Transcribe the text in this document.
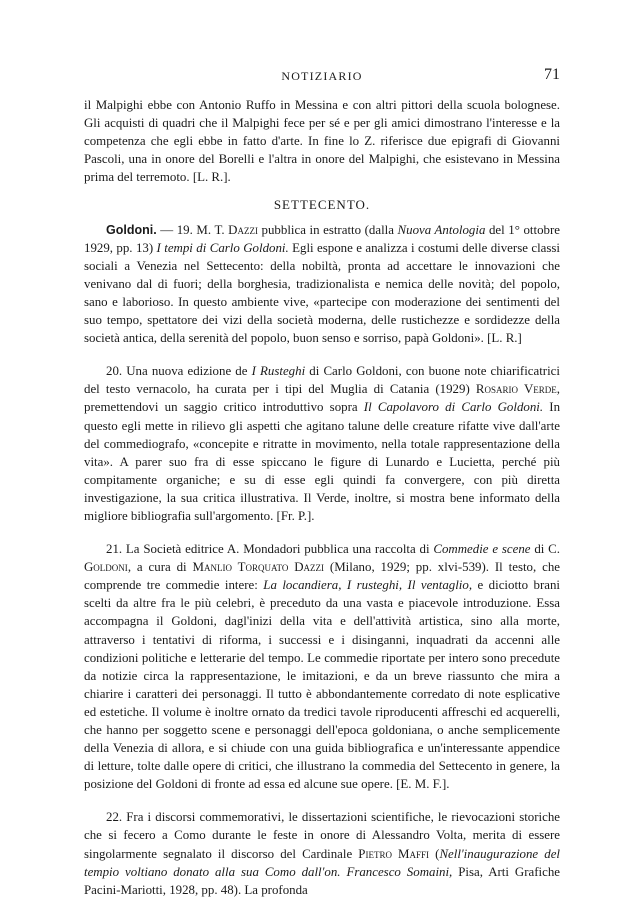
NOTIZIARIO	71

il Malpighi ebbe con Antonio Ruffo in Messina e con altri pittori della scuola bolognese. Gli acquisti di quadri che il Malpighi fece per sé e per gli amici dimostrano l'interesse e la competenza che egli ebbe in fatto d'arte. In fine lo Z. riferisce due epigrafi di Giovanni Pascoli, una in onore del Borelli e l'altra in onore del Malpighi, che esistevano in Messina prima del terremoto. [L. R.].

SETTECENTO.

Goldoni. — 19. M. T. Dazzi pubblica in estratto (dalla Nuova Antologia del 1° ottobre 1929, pp. 13) I tempi di Carlo Goldoni. Egli espone e analizza i costumi delle diverse classi sociali a Venezia nel Settecento: della nobiltà, pronta ad accettare le innovazioni che venivano dal di fuori; della borghesia, tradizionalista e nemica delle novità; del popolo, sano e laborioso. In questo ambiente vive, «partecipe con moderazione dei sentimenti del suo tempo, spettatore dei vizi della società moderna, delle rustichezze e sordidezze della società antica, della serenità del popolo, buon senso e sorriso, papà Goldoni». [L. R.]

20. Una nuova edizione de I Rusteghi di Carlo Goldoni, con buone note chiarificatrici del testo vernacolo, ha curata per i tipi del Muglia di Catania (1929) Rosario Verde, premettendovi un saggio critico introduttivo sopra Il Capolavoro di Carlo Goldoni. In questo egli mette in rilievo gli aspetti che agitano talune delle creature rifatte vive dall'arte del commediografo, «concepite e ritratte in movimento, nella totale rappresentazione della vita». A parer suo fra di esse spiccano le figure di Lunardo e Lucietta, perché più compitamente organiche; e su di esse egli quindi fa convergere, con più diretta investigazione, la sua critica illustrativa. Il Verde, inoltre, si mostra bene informato della migliore bibliografia sull'argomento. [Fr. P.].

21. La Società editrice A. Mondadori pubblica una raccolta di Commedie e scene di C. Goldoni, a cura di Manlio Torquato Dazzi (Milano, 1929; pp. xlvi-539). Il testo, che comprende tre commedie intere: La locandiera, I rusteghi, Il ventaglio, e diciotto brani scelti da altre fra le più celebri, è preceduto da una vasta e piacevole introduzione. Essa accompagna il Goldoni, dagl'inizi della vita e dell'attività artistica, sino alla morte, attraverso i tentativi di riforma, i successi e i disinganni, inquadrati da accenni alle condizioni politiche e letterarie del tempo. Le commedie riportate per intero sono precedute da notizie circa la rappresentazione, le imitazioni, e da un breve riassunto che mira a chiarire i caratteri dei personaggi. Il tutto è abbondantemente corredato di note esplicative ed estetiche. Il volume è inoltre ornato da tredici tavole riproducenti affreschi ed acquerelli, che hanno per soggetto scene e personaggi dell'epoca goldoniana, o anche semplicemente della Venezia di allora, e si chiude con una guida bibliografica e un'interessante appendice di letture, tolte dalle opere di critici, che illustrano la commedia del Settecento in genere, la posizione del Goldoni di fronte ad essa ed alcune sue opere. [E. M. F.].

22. Fra i discorsi commemorativi, le dissertazioni scientifiche, le rievocazioni storiche che si fecero a Como durante le feste in onore di Alessandro Volta, merita di essere singolarmente segnalato il discorso del Cardinale Pietro Maffi (Nell'inaugurazione del tempio voltiano donato alla sua Como dall'on. Francesco Somaini, Pisa, Arti Grafiche Pacini-Mariotti, 1928, pp. 48). La profonda
